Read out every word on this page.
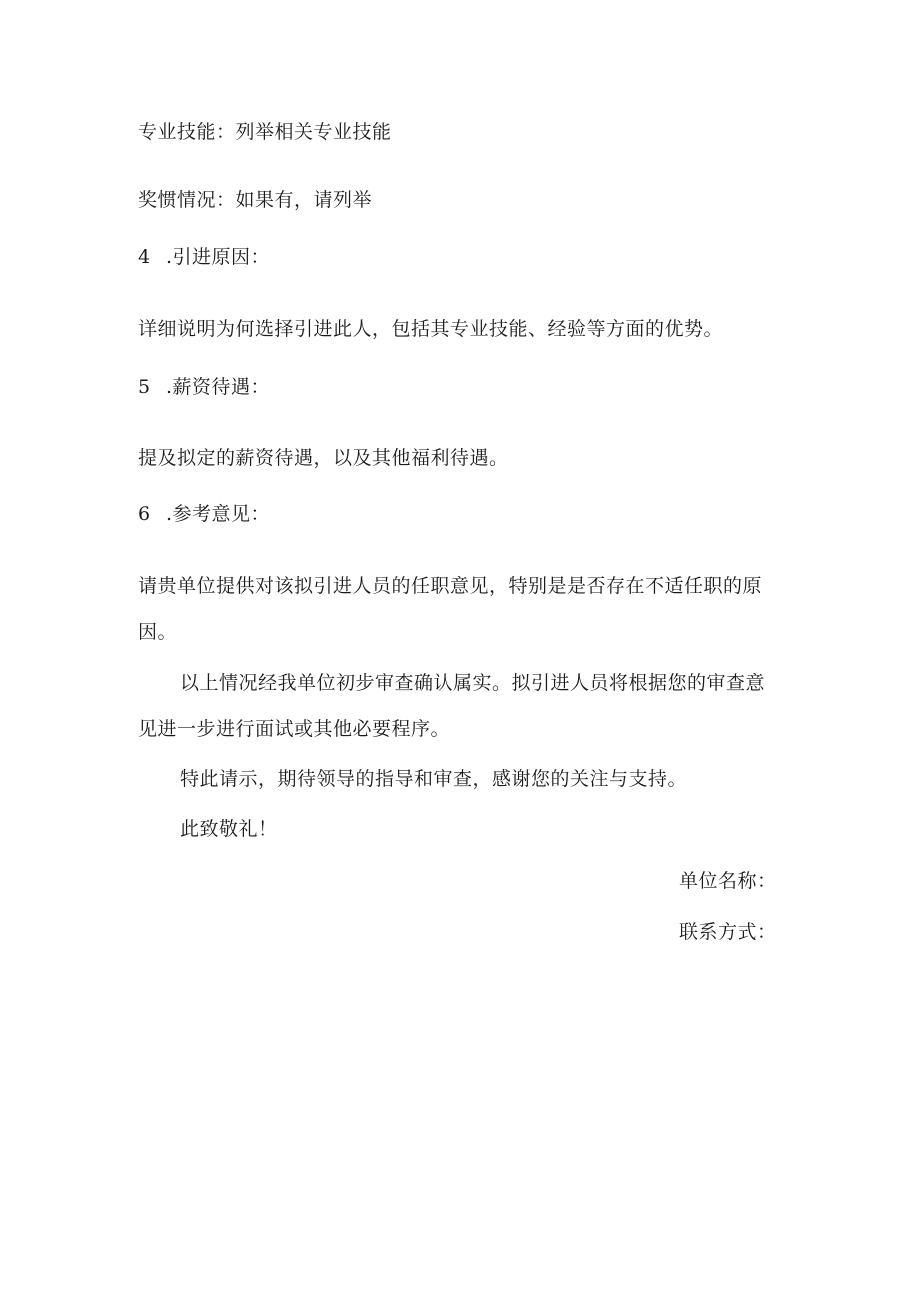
专业技能：列举相关专业技能
奖惯情况：如果有，请列举
4 .引进原因：
详细说明为何选择引进此人，包括其专业技能、经验等方面的优势。
5 .薪资待遇：
提及拟定的薪资待遇，以及其他福利待遇。
6 .参考意见：
请贵单位提供对该拟引进人员的任职意见，特别是是否存在不适任职的原
因。
以上情况经我单位初步审查确认属实。拟引进人员将根据您的审查意
见进一步进行面试或其他必要程序。
特此请示，期待领导的指导和审查，感谢您的关注与支持。
此致敬礼！
单位名称：
联系方式：
